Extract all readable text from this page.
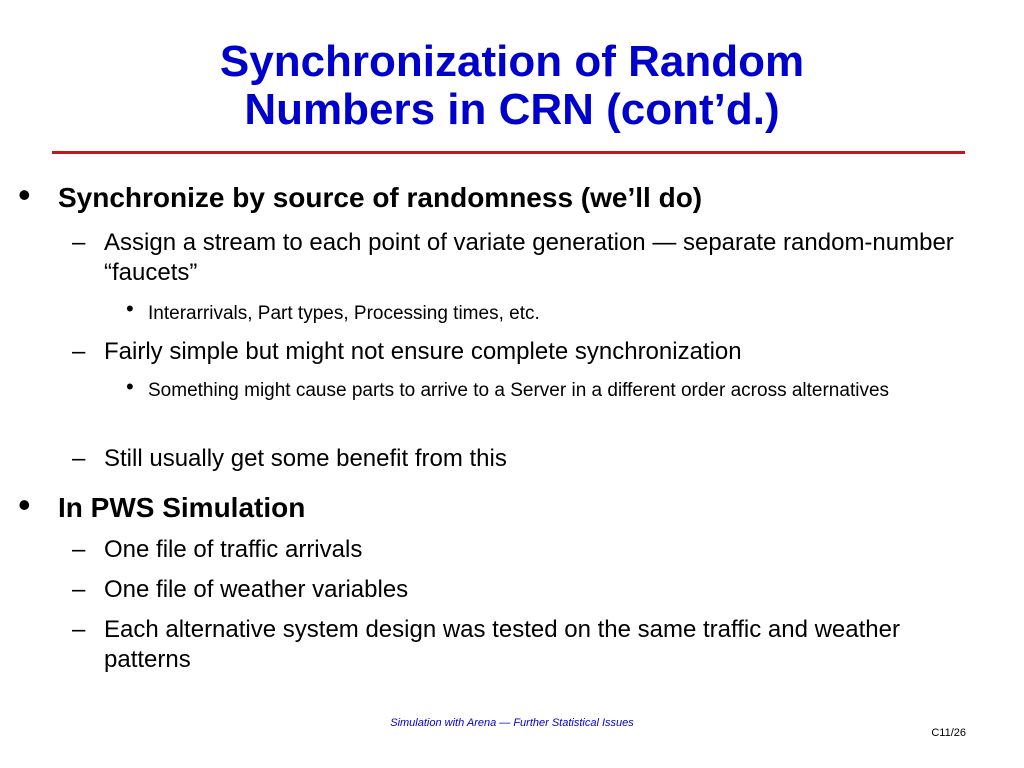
Synchronization of Random
Numbers in CRN (cont’d.)
• Synchronize by source of randomness (we’ll do)
– Assign a stream to each point of variate generation — separate random-number “faucets”
• Interarrivals, Part types, Processing times, etc.
– Fairly simple but might not ensure complete synchronization
• Something might cause parts to arrive to a Server in a different order across alternatives
– Still usually get some benefit from this
• In PWS Simulation
– One file of traffic arrivals
– One file of weather variables
– Each alternative system design was tested on the same traffic and weather patterns
Simulation with Arena — Further Statistical Issues
C11/26
